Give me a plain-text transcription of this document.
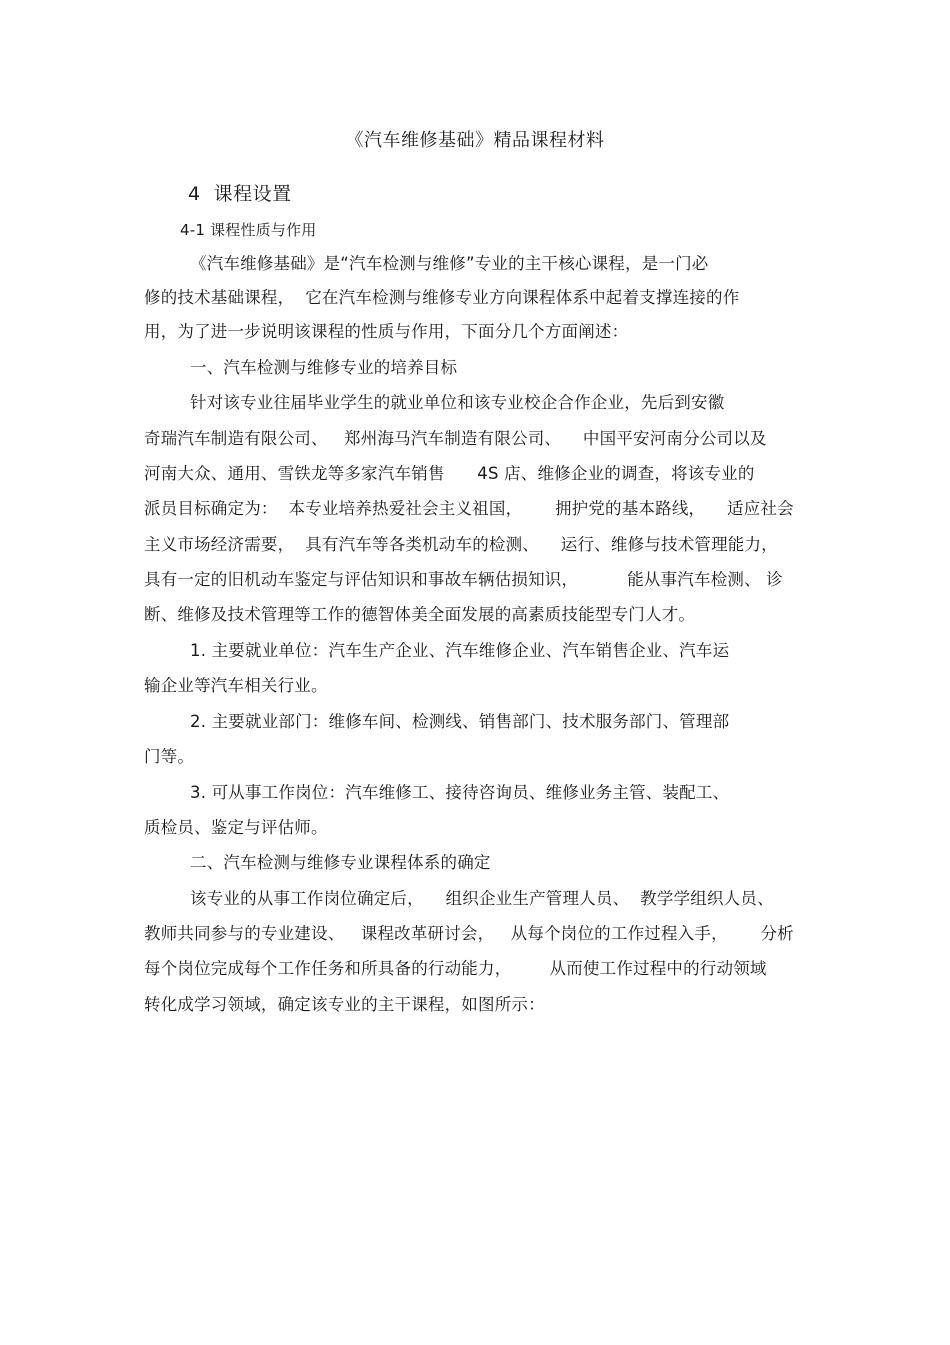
《汽车维修基础》精品课程材料
4  课程设置
4-1 课程性质与作用
《汽车维修基础》是“汽车检测与维修”专业的主干核心课程，是一门必
修的技术基础课程，  它在汽车检测与维修专业方向课程体系中起着支撑连接的作
用，为了进一步说明该课程的性质与作用，下面分几个方面阐述：
一、汽车检测与维修专业的培养目标
针对该专业往届毕业学生的就业单位和该专业校企合作企业，先后到安徽
奇瑞汽车制造有限公司、   郑州海马汽车制造有限公司、    中国平安河南分公司以及
河南大众、通用、雪铁龙等多家汽车销售      4S 店、维修企业的调查，将该专业的
派员目标确定为：  本专业培养热爱社会主义祖国，      拥护党的基本路线，    适应社会
主义市场经济需要，  具有汽车等各类机动车的检测、    运行、维修与技术管理能力，
具有一定的旧机动车鉴定与评估知识和事故车辆估损知识，         能从事汽车检测、 诊
断、维修及技术管理等工作的德智体美全面发展的高素质技能型专门人才。
1. 主要就业单位：汽车生产企业、汽车维修企业、汽车销售企业、汽车运
输企业等汽车相关行业。
2. 主要就业部门：维修车间、检测线、销售部门、技术服务部门、管理部
门等。
3. 可从事工作岗位：汽车维修工、接待咨询员、维修业务主管、装配工、
质检员、鉴定与评估师。
二、汽车检测与维修专业课程体系的确定
该专业的从事工作岗位确定后，    组织企业生产管理人员、  教学学组织人员、
教师共同参与的专业建设、   课程改革研讨会，   从每个岗位的工作过程入手，      分析
每个岗位完成每个工作任务和所具备的行动能力，       从而使工作过程中的行动领域
转化成学习领域，确定该专业的主干课程，如图所示：
